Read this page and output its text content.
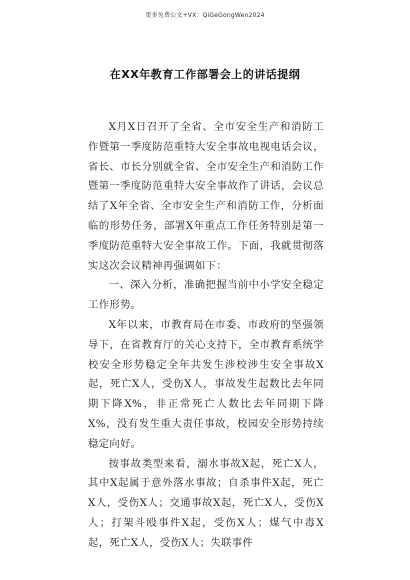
更多免费公文+VX：QiGeGongWen2024
在XX年教育工作部署会上的讲话提纲

X月X日召开了全省、全市安全生产和消防工作暨第一季度防范重特大安全事故电视电话会议，省长、市长分别就全省、全市安全生产和消防工作暨第一季度防范重特大安全事故作了讲话，会议总结了X年全省、全市安全生产和消防工作，分析面临的形势任务，部署X年重点工作任务特别是第一季度防范重特大安全事故工作。下面，我就贯彻落实这次会议精神再强调如下：

一、深入分析，准确把握当前中小学安全稳定工作形势。

X年以来，市教育局在市委、市政府的坚强领导下，在省教育厅的关心支持下，全市教育系统学校安全形势稳定全年共发生涉校涉生安全事故X起，死亡X人，受伤X人，事故发生起数比去年同期下降X%，非正常死亡人数比去年同期下降X%，没有发生重大责任事故，校园安全形势持续稳定向好。

按事故类型来看，溺水事故X起，死亡X人，其中X起属于意外落水事故；自杀事件X起，死亡X人，受伤X人；交通事故X起，死亡X人，受伤X人；打架斗殴事件X起，受伤X人；煤气中毒X起，死亡X人，受伤X人；失联事件
